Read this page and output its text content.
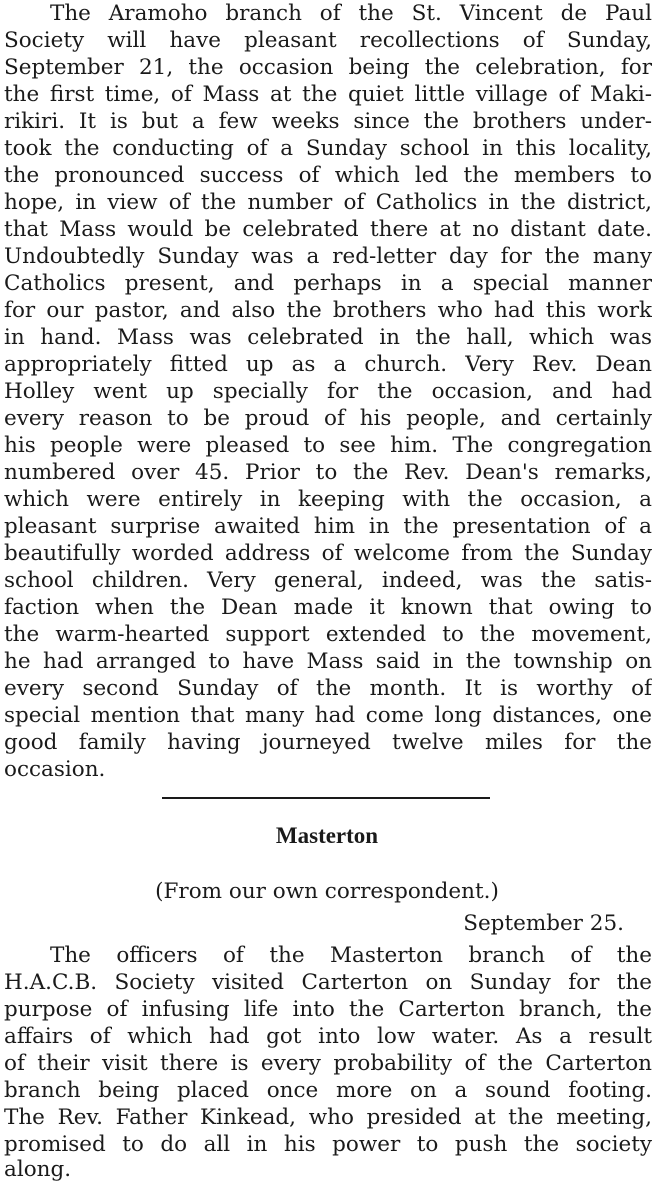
The Aramoho branch of the St. Vincent de Paul
Society will have pleasant recollections of Sunday,
September 21, the occasion being the celebration, for
the first time, of Mass at the quiet little village of Maki-
rikiri. It is but a few weeks since the brothers under-
took the conducting of a Sunday school in this locality,
the pronounced success of which led the members to
hope, in view of the number of Catholics in the district,
that Mass would be celebrated there at no distant date.
Undoubtedly Sunday was a red-letter day for the many
Catholics present, and perhaps in a special manner
for our pastor, and also the brothers who had this work
in hand. Mass was celebrated in the hall, which was
appropriately fitted up as a church. Very Rev. Dean
Holley went up specially for the occasion, and had
every reason to be proud of his people, and certainly
his people were pleased to see him. The congregation
numbered over 45. Prior to the Rev. Dean's remarks,
which were entirely in keeping with the occasion, a
pleasant surprise awaited him in the presentation of a
beautifully worded address of welcome from the Sunday
school children. Very general, indeed, was the satis-
faction when the Dean made it known that owing to
the warm-hearted support extended to the movement,
he had arranged to have Mass said in the township on
every second Sunday of the month. It is worthy of
special mention that many had come long distances, one
good family having journeyed twelve miles for the
occasion.
Masterton
(From our own correspondent.)
September 25.
The officers of the Masterton branch of the
H.A.C.B. Society visited Carterton on Sunday for the
purpose of infusing life into the Carterton branch, the
affairs of which had got into low water. As a result
of their visit there is every probability of the Carterton
branch being placed once more on a sound footing.
The Rev. Father Kinkead, who presided at the meeting,
promised to do all in his power to push the society
along.
